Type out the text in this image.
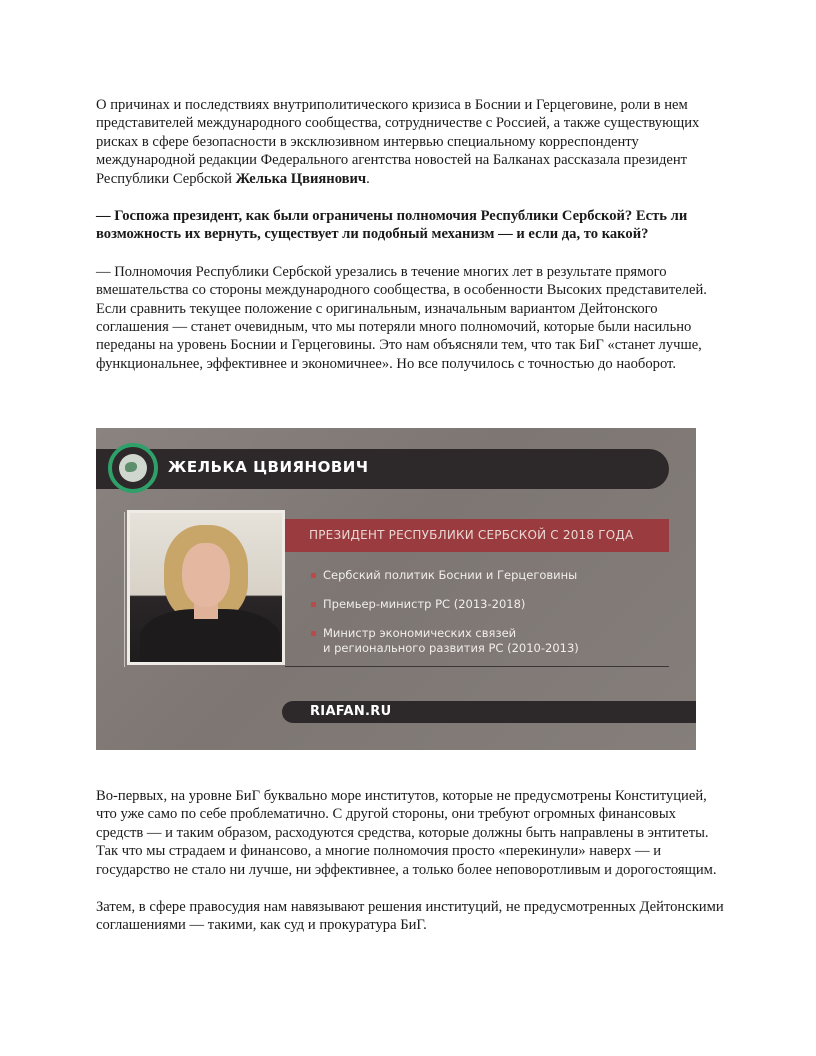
О причинах и последствиях внутриполитического кризиса в Боснии и Герцеговине, роли в нем представителей международного сообщества, сотрудничестве с Россией, а также существующих рисках в сфере безопасности в эксклюзивном интервью специальному корреспонденту международной редакции Федерального агентства новостей на Балканах рассказала президент Республики Сербской Желька Цвиянович.

— Госпожа президент, как были ограничены полномочия Республики Сербской? Есть ли возможность их вернуть, существует ли подобный механизм — и если да, то какой?

— Полномочия Республики Сербской урезались в течение многих лет в результате прямого вмешательства со стороны международного сообщества, в особенности Высоких представителей. Если сравнить текущее положение с оригинальным, изначальным вариантом Дейтонского соглашения — станет очевидным, что мы потеряли много полномочий, которые были насильно переданы на уровень Боснии и Герцеговины. Это нам объясняли тем, что так БиГ «станет лучше, функциональнее, эффективнее и экономичнее». Но все получилось с точностью до наоборот.

ЖЕЛЬКА ЦВИЯНОВИЧ
ПРЕЗИДЕНТ РЕСПУБЛИКИ СЕРБСКОЙ С 2018 ГОДА
Сербский политик Боснии и Герцеговины
Премьер-министр РС (2013-2018)
Министр экономических связей
и регионального развития РС (2010-2013)
RIAFAN.RU

Во-первых, на уровне БиГ буквально море институтов, которые не предусмотрены Конституцией, что уже само по себе проблематично. С другой стороны, они требуют огромных финансовых средств — и таким образом, расходуются средства, которые должны быть направлены в энтитеты. Так что мы страдаем и финансово, а многие полномочия просто «перекинули» наверх — и государство не стало ни лучше, ни эффективнее, а только более неповоротливым и дорогостоящим.

Затем, в сфере правосудия нам навязывают решения институций, не предусмотренных Дейтонскими соглашениями — такими, как суд и прокуратура БиГ.
